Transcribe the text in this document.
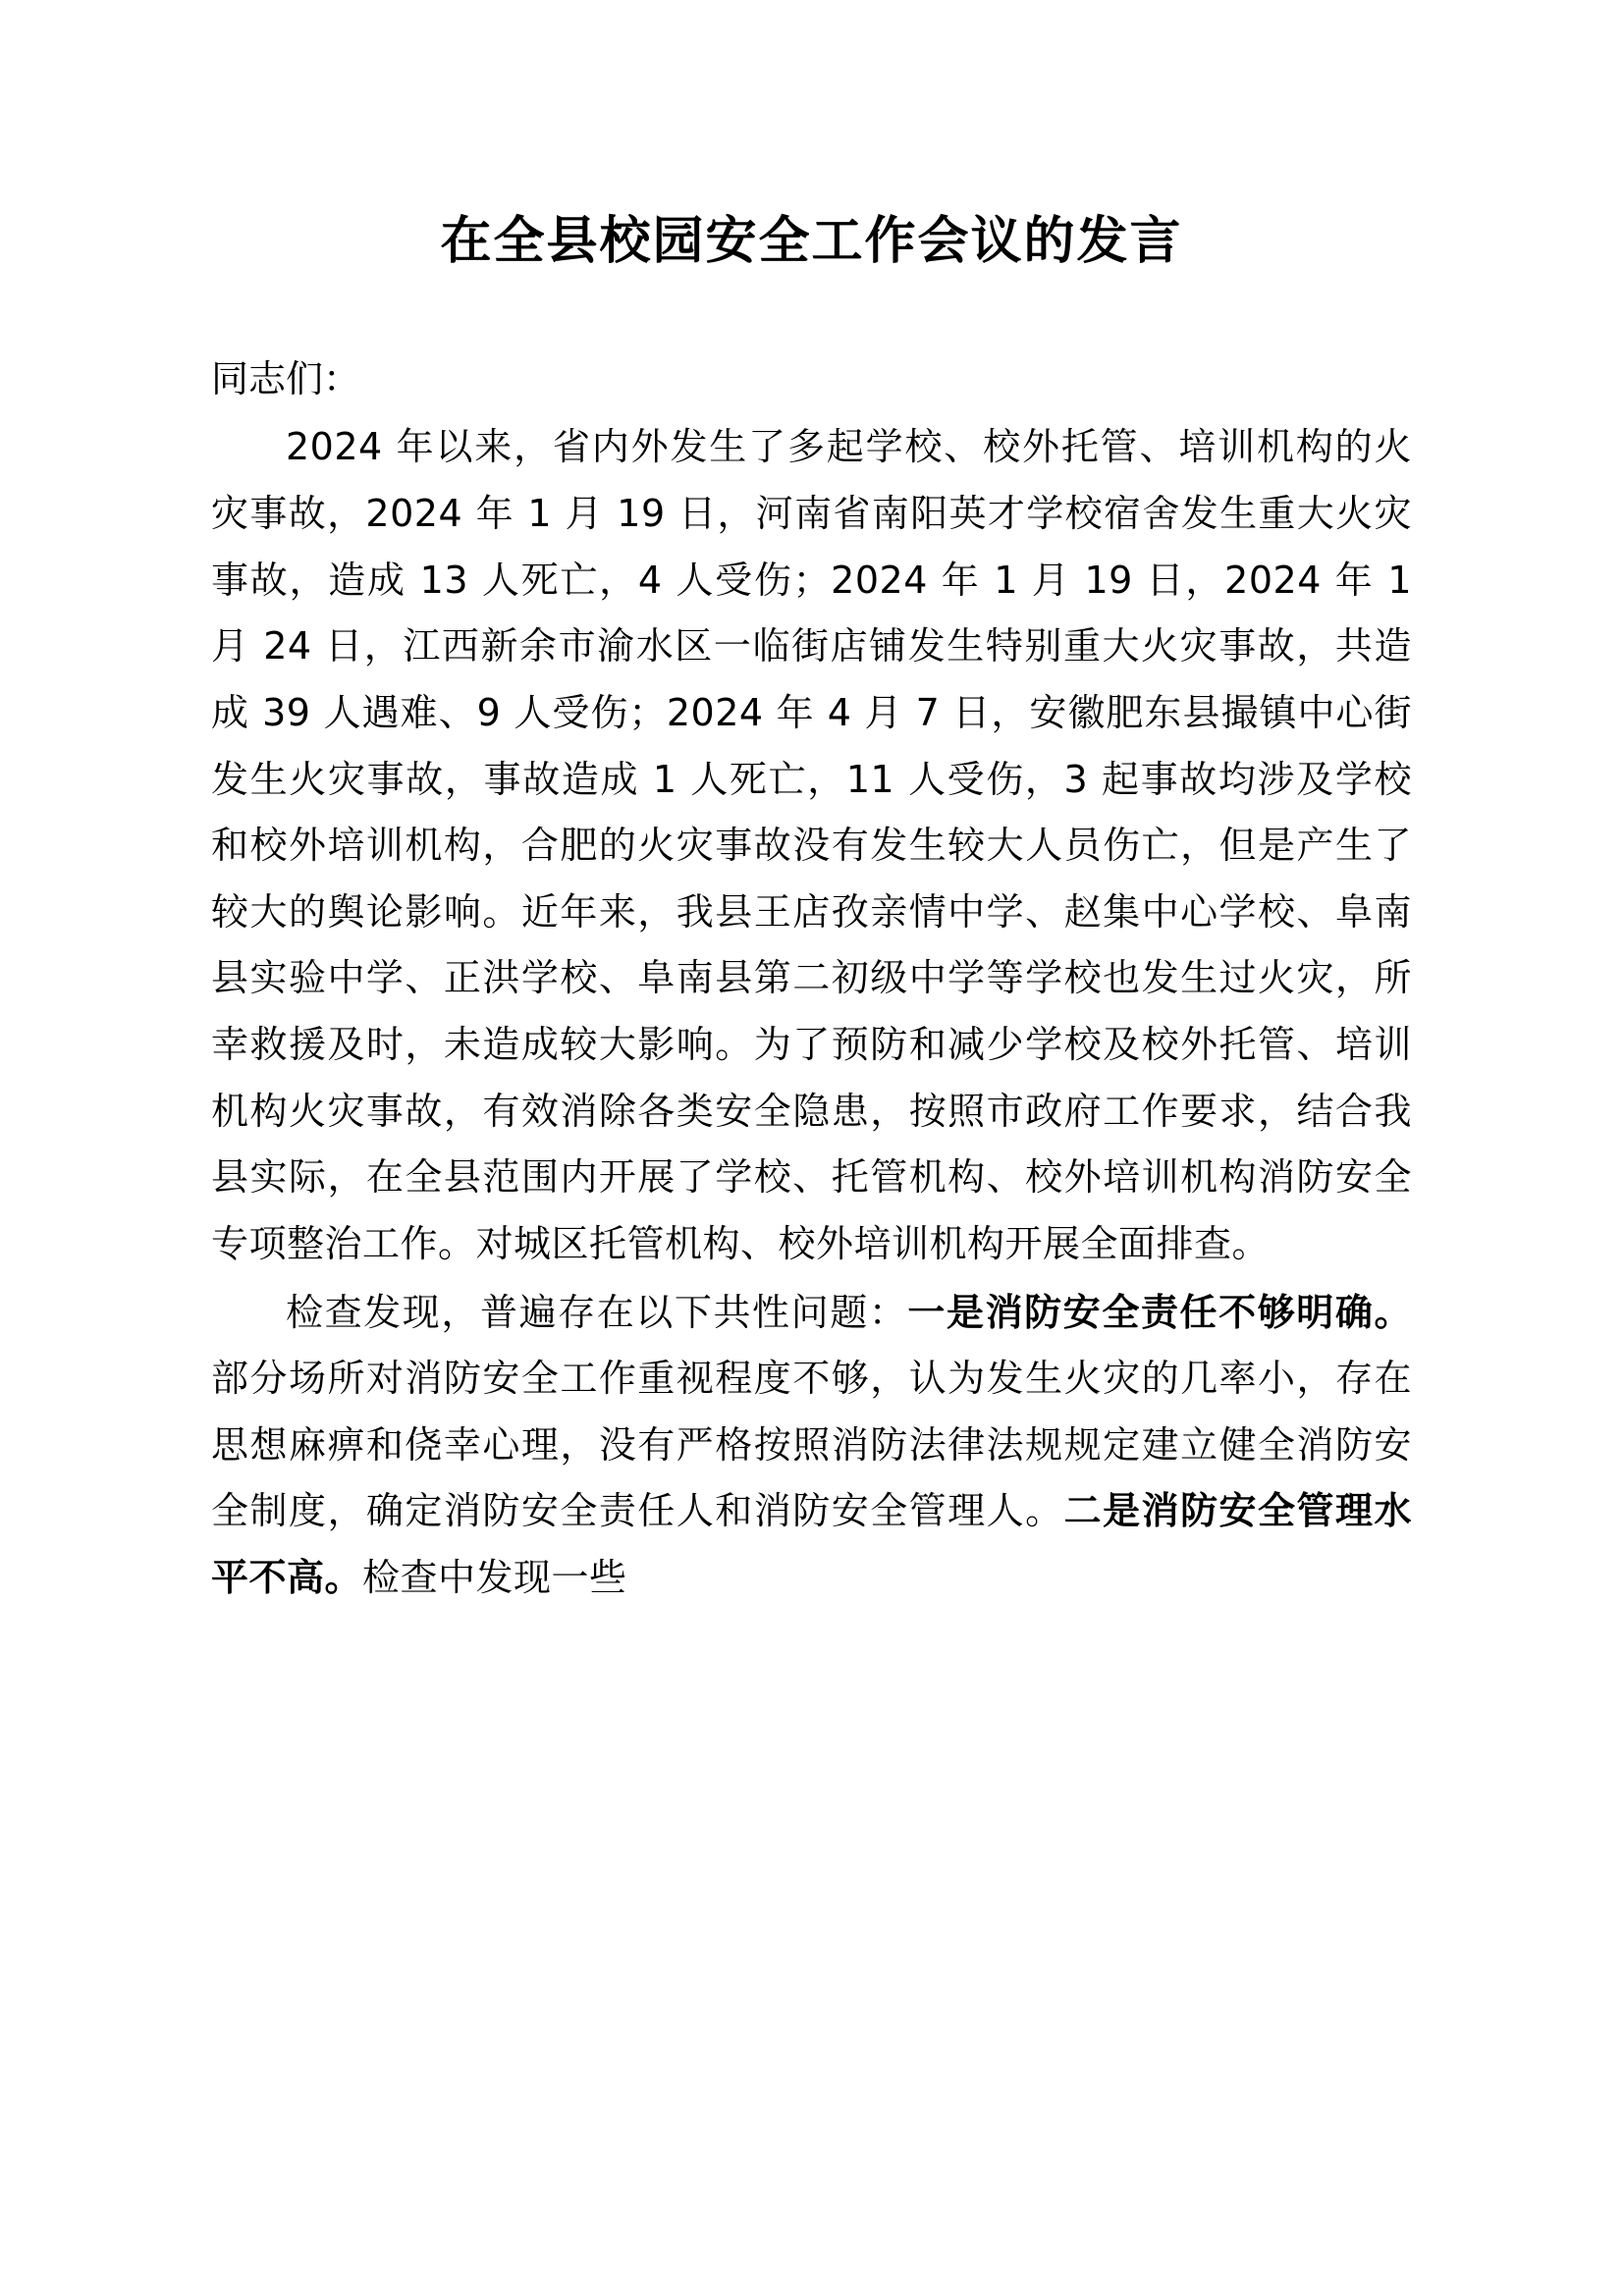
在全县校园安全工作会议的发言
同志们：
2024 年以来，省内外发生了多起学校、校外托管、培训机构的火灾事故，2024 年 1 月 19 日，河南省南阳英才学校宿舍发生重大火灾事故，造成 13 人死亡，4 人受伤；2024 年 1 月 19 日，2024 年 1 月 24 日，江西新余市渝水区一临街店铺发生特别重大火灾事故，共造成 39 人遇难、9 人受伤；2024 年 4 月 7 日，安徽肥东县撮镇中心街发生火灾事故，事故造成 1 人死亡，11 人受伤，3 起事故均涉及学校和校外培训机构，合肥的火灾事故没有发生较大人员伤亡，但是产生了较大的舆论影响。近年来，我县王店孜亲情中学、赵集中心学校、阜南县实验中学、正洪学校、阜南县第二初级中学等学校也发生过火灾，所幸救援及时，未造成较大影响。为了预防和减少学校及校外托管、培训机构火灾事故，有效消除各类安全隐患，按照市政府工作要求，结合我县实际，在全县范围内开展了学校、托管机构、校外培训机构消防安全专项整治工作。对城区托管机构、校外培训机构开展全面排查。
检查发现，普遍存在以下共性问题：一是消防安全责任不够明确。部分场所对消防安全工作重视程度不够，认为发生火灾的几率小，存在思想麻痹和侥幸心理，没有严格按照消防法律法规规定建立健全消防安全制度，确定消防安全责任人和消防安全管理人。二是消防安全管理水平不高。检查中发现一些
